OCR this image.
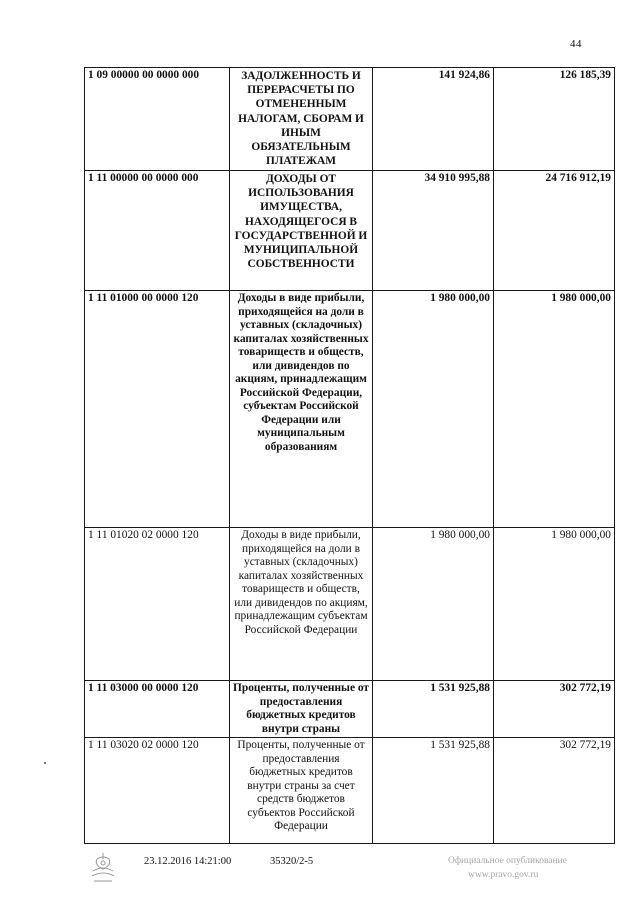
44
1 09 00000 00 0000 000	ЗАДОЛЖЕННОСТЬ И ПЕРЕРАСЧЕТЫ ПО ОТМЕНЕННЫМ НАЛОГАМ, СБОРАМ И ИНЫМ ОБЯЗАТЕЛЬНЫМ ПЛАТЕЖАМ	141 924,86	126 185,39
1 11 00000 00 0000 000	ДОХОДЫ ОТ ИСПОЛЬЗОВАНИЯ ИМУЩЕСТВА, НАХОДЯЩЕГОСЯ В ГОСУДАРСТВЕННОЙ И МУНИЦИПАЛЬНОЙ СОБСТВЕННОСТИ	34 910 995,88	24 716 912,19
1 11 01000 00 0000 120	Доходы в виде прибыли, приходящейся на доли в уставных (складочных) капиталах хозяйственных товариществ и обществ, или дивидендов по акциям, принадлежащим Российской Федерации, субъектам Российской Федерации или муниципальным образованиям	1 980 000,00	1 980 000,00
1 11 01020 02 0000 120	Доходы в виде прибыли, приходящейся на доли в уставных (складочных) капиталах хозяйственных товариществ и обществ, или дивидендов по акциям, принадлежащим субъектам Российской Федерации	1 980 000,00	1 980 000,00
1 11 03000 00 0000 120	Проценты, полученные от предоставления бюджетных кредитов внутри страны	1 531 925,88	302 772,19
1 11 03020 02 0000 120	Проценты, полученные от предоставления бюджетных кредитов внутри страны за счет средств бюджетов субъектов Российской Федерации	1 531 925,88	302 772,19
23.12.2016 14:21:00	35320/2-5	Официальное опубликование
www.pravo.gov.ru
